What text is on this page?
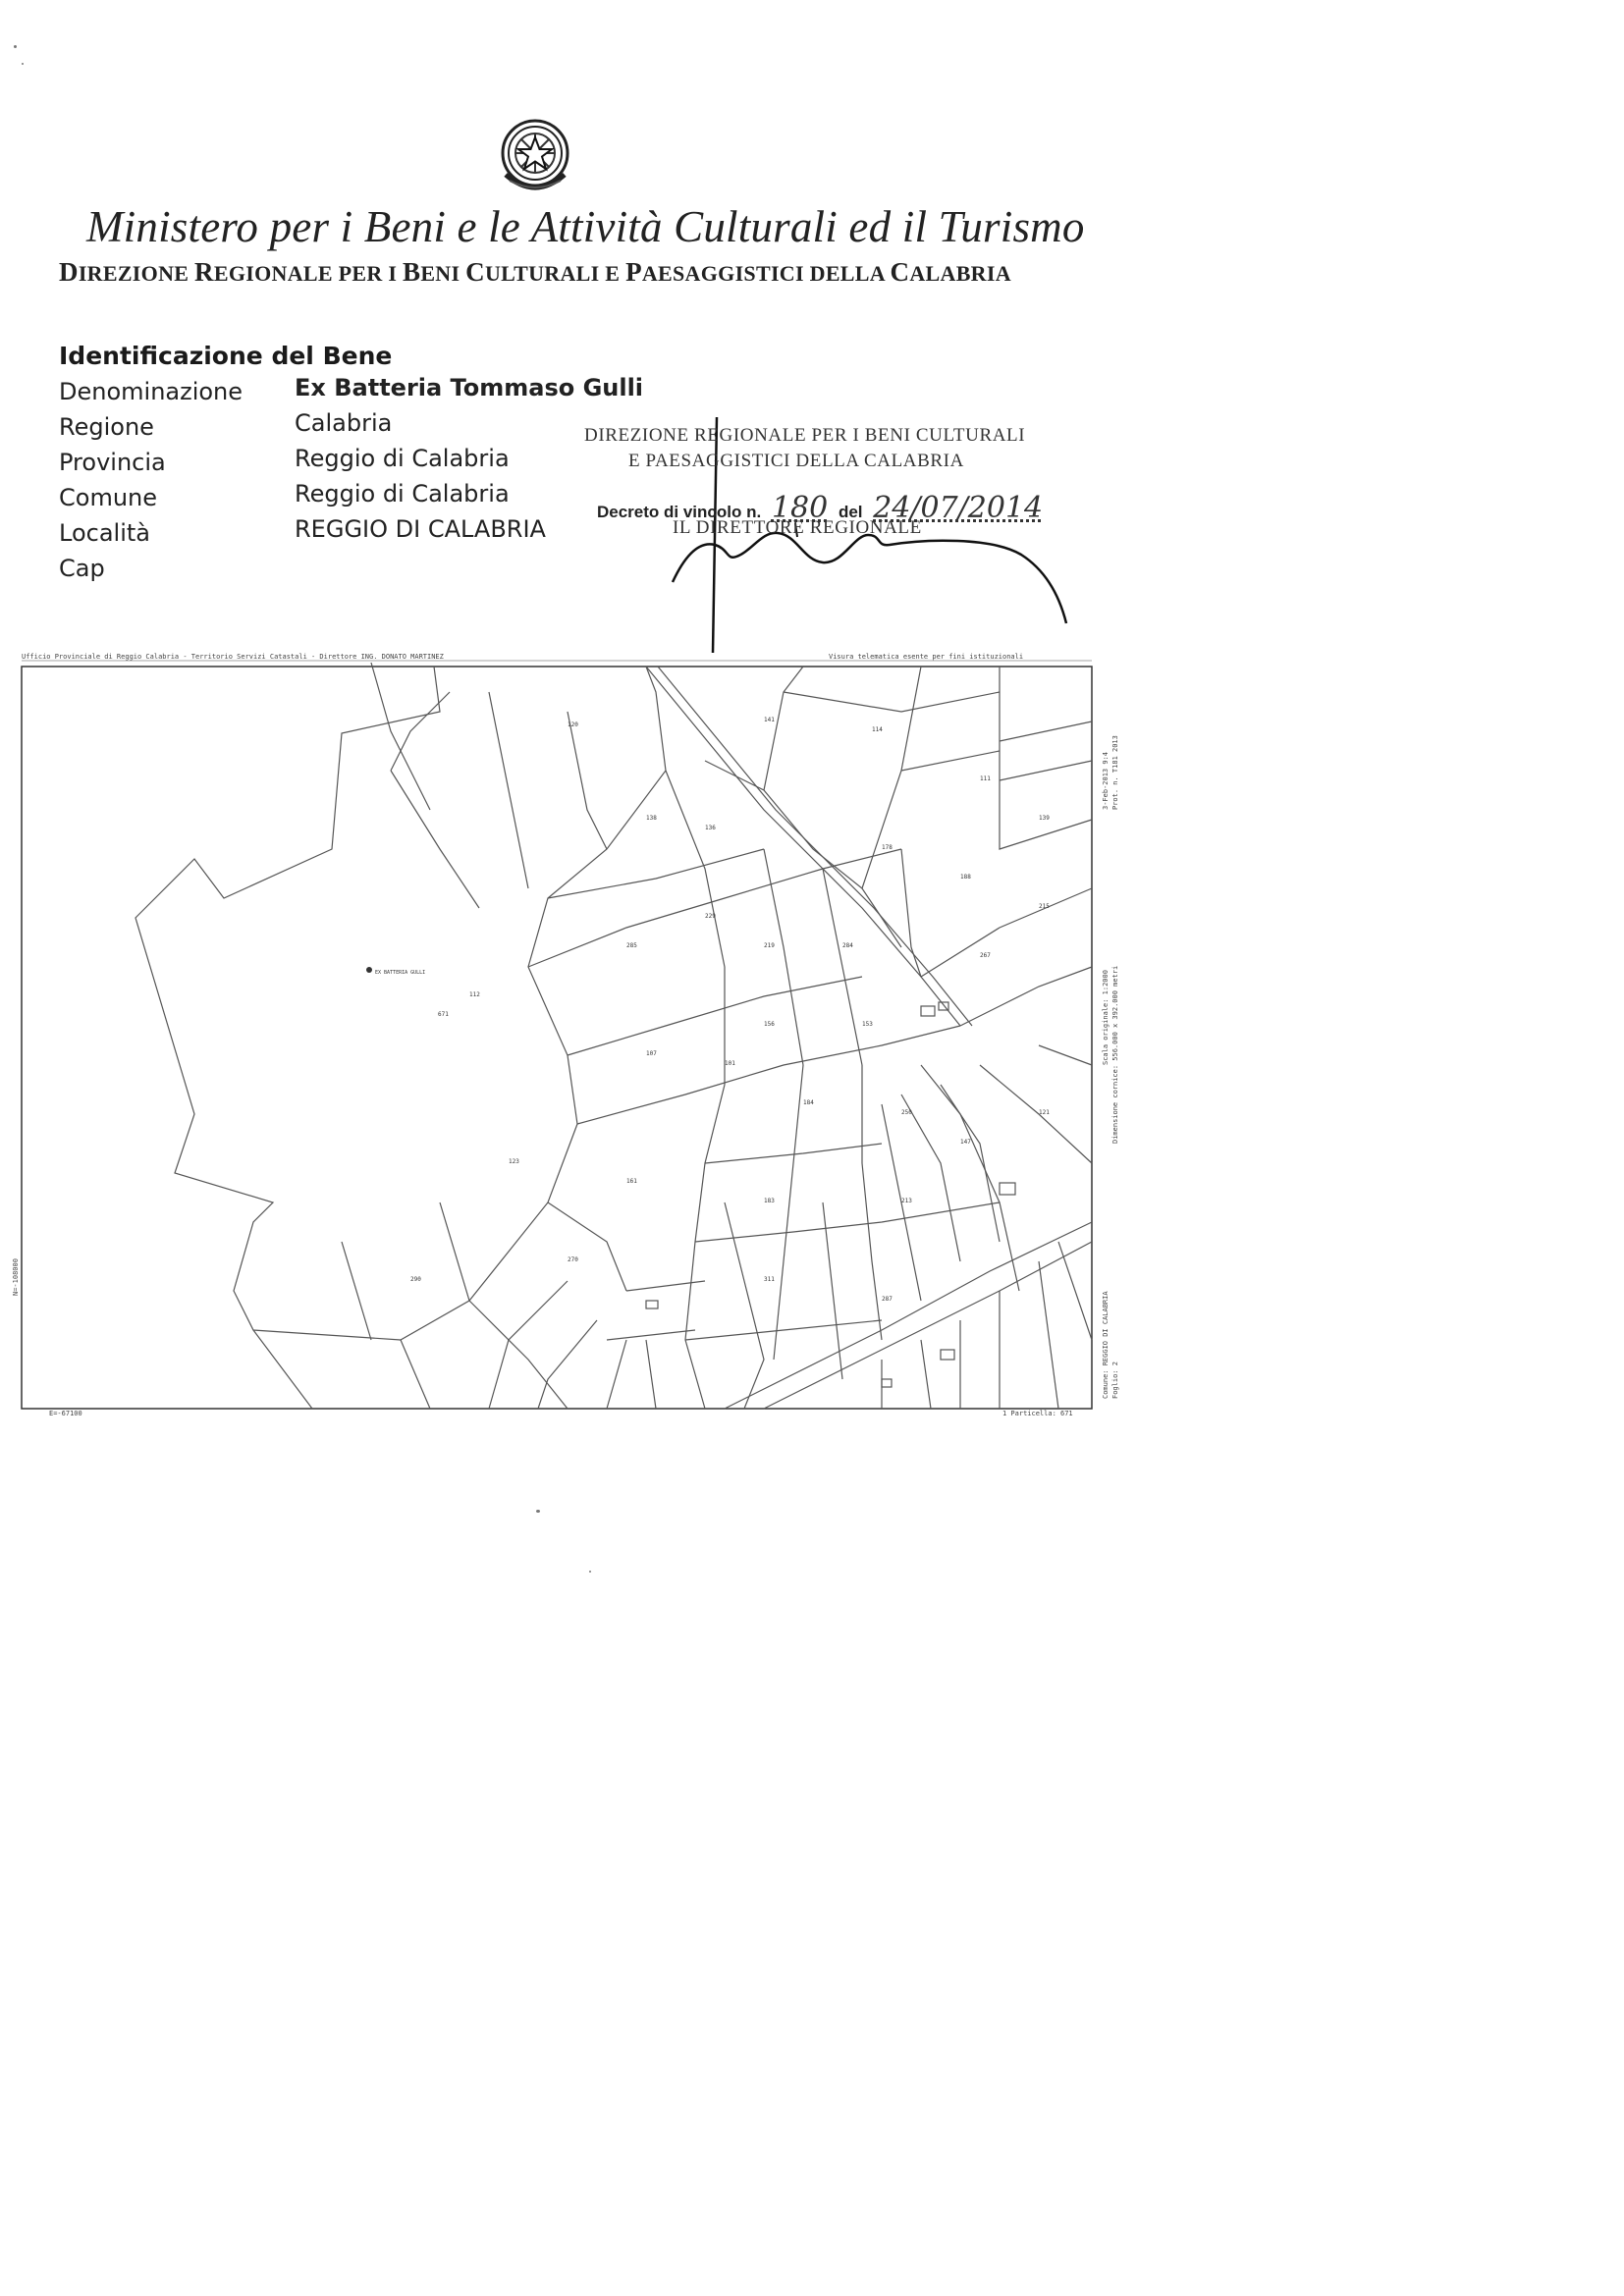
Ministero per i Beni e le Attività Culturali ed il Turismo
DIREZIONE REGIONALE PER I BENI CULTURALI E PAESAGGISTICI DELLA CALABRIA
Identificazione del Bene
Denominazione Ex Batteria Tommaso Gulli
Regione	Calabria
Provincia	Reggio di Calabria
Comune	Reggio di Calabria
Località	REGGIO DI CALABRIA
Cap
DIREZIONE REGIONALE PER I BENI CULTURALI
E PAESAGGISTICI DELLA CALABRIA
Decreto di vincolo n. 180 del 24/07/2014
IL DIRETTORE REGIONALE
Ufficio Provinciale di Reggio Calabria - Territorio Servizi Catastali - Direttore ING. DONATO MARTINEZ	Visura telematica esente per fini istituzionali
120
141
114
111
139
138
136
178
188
215
229
219
285	284
267
112
156	153
107
101
184
250
147
121
123
161
183	213
270
311
287
290
671
EX BATTERIA GULLI
E=-67100	1 Particella: 671
3-Feb-2013 9:4 Prot. n. T181 2013
Scala originale: 1:2000 Dimensione cornice: 556.000 x 392.000 metri
Comune: REGGIO DI CALABRIA Foglio: 2
N=-108000
